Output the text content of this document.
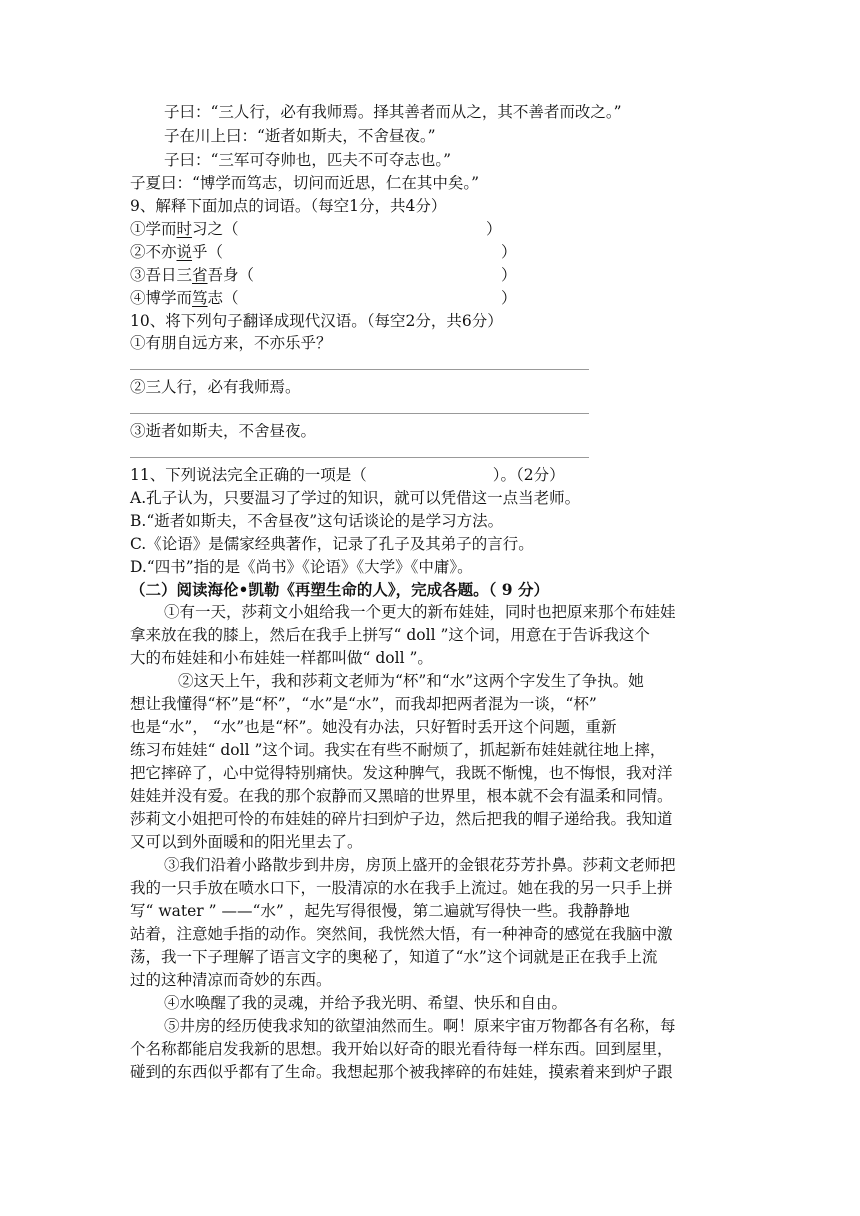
子曰：“三人行，必有我师焉。择其善者而从之，其不善者而改之。”
子在川上曰：“逝者如斯夫，不舍昼夜。”
子曰：“三军可夺帅也，匹夫不可夺志也。”
子夏曰：“博学而笃志，切问而近思，仁在其中矣。”
9、解释下面加点的词语。（每空1分，共4分）
①学而时习之（	）
②不亦说乎（	）
③吾日三省吾身（	）
④博学而笃志（	）
10、将下列句子翻译成现代汉语。（每空2分，共6分）
①有朋自远方来，不亦乐乎？
②三人行，必有我师焉。
③逝者如斯夫，不舍昼夜。
11、下列说法完全正确的一项是（	）。（2分）
A.孔子认为，只要温习了学过的知识，就可以凭借这一点当老师。
B.“逝者如斯夫，不舍昼夜”这句话谈论的是学习方法。
C.《论语》是儒家经典著作，记录了孔子及其弟子的言行。
D.“四书”指的是《尚书》《论语》《大学》《中庸》。
（二）阅读海伦•凯勒《再塑生命的人》，完成各题。（ 9 分）
①有一天，莎莉文小姐给我一个更大的新布娃娃，同时也把原来那个布娃娃
拿来放在我的膝上，然后在我手上拼写“ doll ”这个词，用意在于告诉我这个
大的布娃娃和小布娃娃一样都叫做“ doll ”。
②这天上午，我和莎莉文老师为“杯”和“水”这两个字发生了争执。她
想让我懂得“杯”是“杯”，“水”是“水”，而我却把两者混为一谈，“杯”
也是“水”， “水”也是“杯”。她没有办法，只好暂时丢开这个问题，重新
练习布娃娃“ doll ”这个词。我实在有些不耐烦了，抓起新布娃娃就往地上摔，
把它摔碎了，心中觉得特别痛快。发这种脾气，我既不惭愧，也不悔恨，我对洋
娃娃并没有爱。在我的那个寂静而又黑暗的世界里，根本就不会有温柔和同情。
莎莉文小姐把可怜的布娃娃的碎片扫到炉子边，然后把我的帽子递给我。我知道
又可以到外面暖和的阳光里去了。
③我们沿着小路散步到井房，房顶上盛开的金银花芬芳扑鼻。莎莉文老师把
我的一只手放在喷水口下，一股清凉的水在我手上流过。她在我的另一只手上拼
写“ water ” ——“水” ，起先写得很慢，第二遍就写得快一些。我静静地
站着，注意她手指的动作。突然间，我恍然大悟，有一种神奇的感觉在我脑中激
荡，我一下子理解了语言文字的奥秘了，知道了“水”这个词就是正在我手上流
过的这种清凉而奇妙的东西。
④水唤醒了我的灵魂，并给予我光明、希望、快乐和自由。
⑤井房的经历使我求知的欲望油然而生。啊！原来宇宙万物都各有名称，每
个名称都能启发我新的思想。我开始以好奇的眼光看待每一样东西。回到屋里，
碰到的东西似乎都有了生命。我想起那个被我摔碎的布娃娃，摸索着来到炉子跟
